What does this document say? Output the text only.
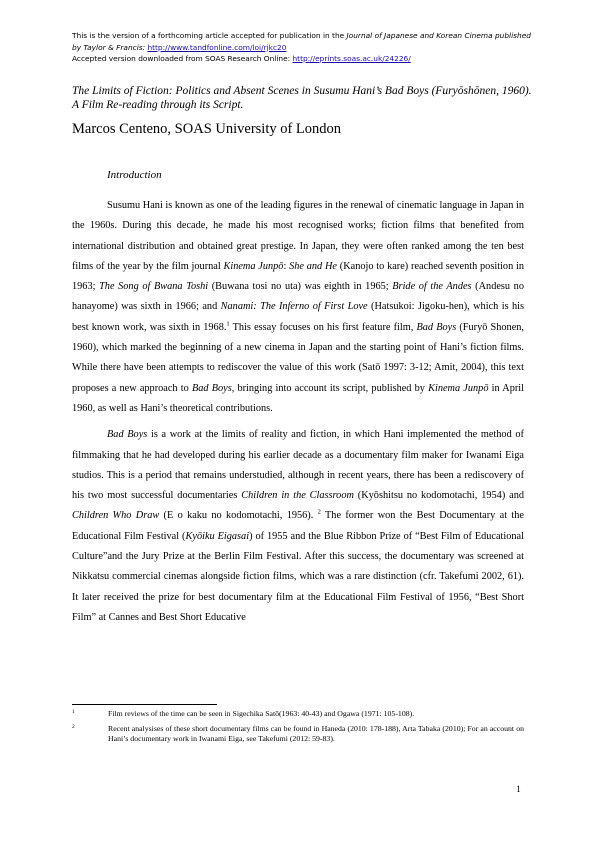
This is the version of a forthcoming article accepted for publication in the Journal of Japanese and Korean Cinema published by Taylor & Francis: http://www.tandfonline.com/loi/rjkc20
Accepted version downloaded from SOAS Research Online: http://eprints.soas.ac.uk/24226/
The Limits of Fiction: Politics and Absent Scenes in Susumu Hani’s Bad Boys (Furyōshōnen, 1960). A Film Re-reading through its Script.
Marcos Centeno, SOAS University of London
Introduction

Susumu Hani is known as one of the leading figures in the renewal of cinematic language in Japan in the 1960s. During this decade, he made his most recognised works; fiction films that benefited from international distribution and obtained great prestige. In Japan, they were often ranked among the ten best films of the year by the film journal Kinema Junpō: She and He (Kanojo to kare) reached seventh position in 1963; The Song of Bwana Toshi (Buwana tosi no uta) was eighth in 1965; Bride of the Andes (Andesu no hanayome) was sixth in 1966; and Nanami: The Inferno of First Love (Hatsukoi: Jigoku-hen), which is his best known work, was sixth in 1968.$^1$ This essay focuses on his first feature film, Bad Boys (Furyō Shonen, 1960), which marked the beginning of a new cinema in Japan and the starting point of Hani’s fiction films. While there have been attempts to rediscover the value of this work (Satō 1997: 3-12; Amit, 2004), this text proposes a new approach to Bad Boys, bringing into account its script, published by Kinema Junpō in April 1960, as well as Hani’s theoretical contributions.

Bad Boys is a work at the limits of reality and fiction, in which Hani implemented the method of filmmaking that he had developed during his earlier decade as a documentary film maker for Iwanami Eiga studios. This is a period that remains understudied, although in recent years, there has been a rediscovery of his two most successful documentaries Children in the Classroom (Kyōshitsu no kodomotachi, 1954) and Children Who Draw (E o kaku no kodomotachi, 1956). $^2$ The former won the Best Documentary at the Educational Film Festival (Kyōiku Eigasai) of 1955 and the Blue Ribbon Prize of “Best Film of Educational Culture”and the Jury Prize at the Berlin Film Festival. After this success, the documentary was screened at Nikkatsu commercial cinemas alongside fiction films, which was a rare distinction (cfr. Takefumi 2002, 61). It later received the prize for best documentary film at the Educational Film Festival of 1956, “Best Short Film” at Cannes and Best Short Educative

1	Film reviews of the time can be seen in Sigechika Satō(1963: 40-43) and Ogawa (1971: 105-108).
2	Recent analysises of these short documentary films can be found in Haneda (2010: 178-188), Arta Tabaka (2010); For an account on Hani’s documentary work in Iwanami Eiga, see Takefumi (2012: 59-83).
1
